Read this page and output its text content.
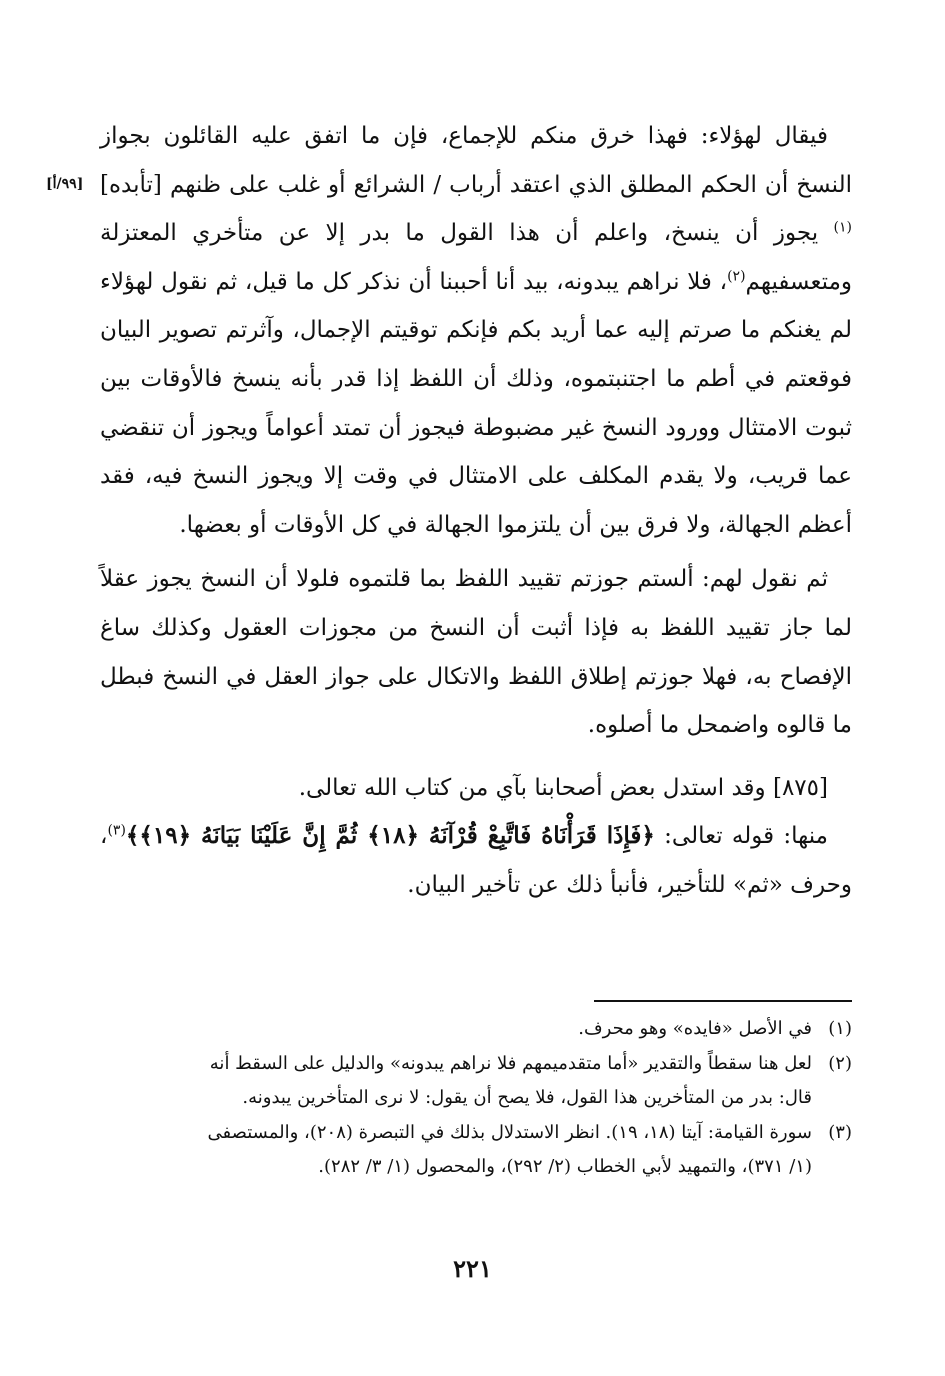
[٩٩/أ]

فيقال لهؤلاء: فهذا خرق منكم للإجماع، فإن ما اتفق عليه القائلون بجواز النسخ أن الحكم المطلق الذي اعتقد أرباب / الشرائع أو غلب على ظنهم [تأبده]$^{(١)}$ يجوز أن ينسخ، واعلم أن هذا القول ما بدر إلا عن متأخري المعتزلة ومتعسفيهم$^{(٢)}$، فلا نراهم يبدونه، بيد أنا أحببنا أن نذكر كل ما قيل، ثم نقول لهؤلاء لم يغنكم ما صرتم إليه عما أريد بكم فإنكم توقيتم الإجمال، وآثرتم تصوير البيان فوقعتم في أطم ما اجتنبتموه، وذلك أن اللفظ إذا قدر بأنه ينسخ فالأوقات بين ثبوت الامتثال وورود النسخ غير مضبوطة فيجوز أن تمتد أعواماً ويجوز أن تنقضي عما قريب، ولا يقدم المكلف على الامتثال في وقت إلا ويجوز النسخ فيه، فقد أعظم الجهالة، ولا فرق بين أن يلتزموا الجهالة في كل الأوقات أو بعضها.

ثم نقول لهم: ألستم جوزتم تقييد اللفظ بما قلتموه فلولا أن النسخ يجوز عقلاً لما جاز تقييد اللفظ به فإذا أثبت أن النسخ من مجوزات العقول وكذلك ساغ الإفصاح به، فهلا جوزتم إطلاق اللفظ والاتكال على جواز العقل في النسخ فبطل ما قالوه واضمحل ما أصلوه.

[٨٧٥] وقد استدل بعض أصحابنا بآي من كتاب الله تعالى.

منها: قوله تعالى: ﴿فَإِذَا قَرَأْنَاهُ فَاتَّبِعْ قُرْآنَهُ ﴿١٨﴾ ثُمَّ إِنَّ عَلَيْنَا بَيَانَهُ ﴿١٩﴾﴾$^{(٣)}$، وحرف «ثم» للتأخير، فأنبأ ذلك عن تأخير البيان.

(١)في الأصل «فايده» وهو محرف.

(٢)لعل هنا سقطاً والتقدير «أما متقدميمهم فلا نراهم يبدونه» والدليل على السقط أنه

قال: بدر من المتأخرين هذا القول، فلا يصح أن يقول: لا نرى المتأخرين يبدونه.

(٣)سورة القيامة: آيتا (١٨، ١٩). انظر الاستدلال بذلك في التبصرة (٢٠٨)، والمستصفى

(١/ ٣٧١)، والتمهيد لأبي الخطاب (٢/ ٢٩٢)، والمحصول (١/ ٣/ ٢٨٢).

٢٢١
